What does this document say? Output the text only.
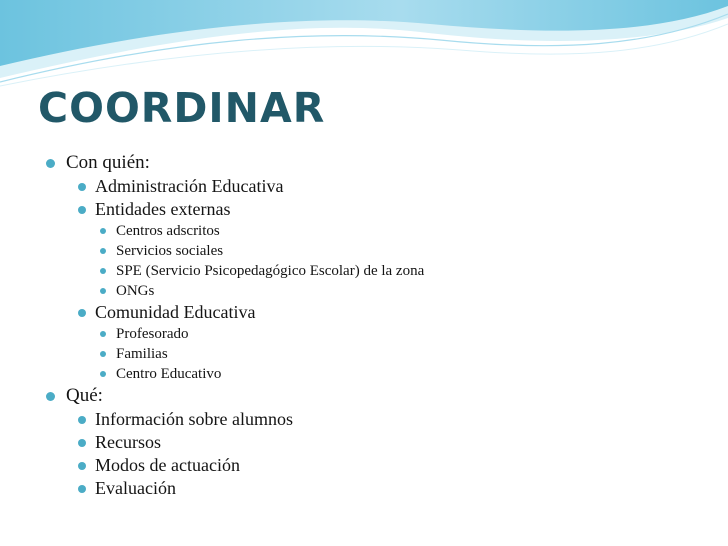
COORDINAR
Con quién:
Administración Educativa
Entidades externas
Centros adscritos
Servicios sociales
SPE (Servicio Psicopedagógico Escolar) de la zona
ONGs
Comunidad Educativa
Profesorado
Familias
Centro Educativo
Qué:
Información sobre alumnos
Recursos
Modos de actuación
Evaluación
